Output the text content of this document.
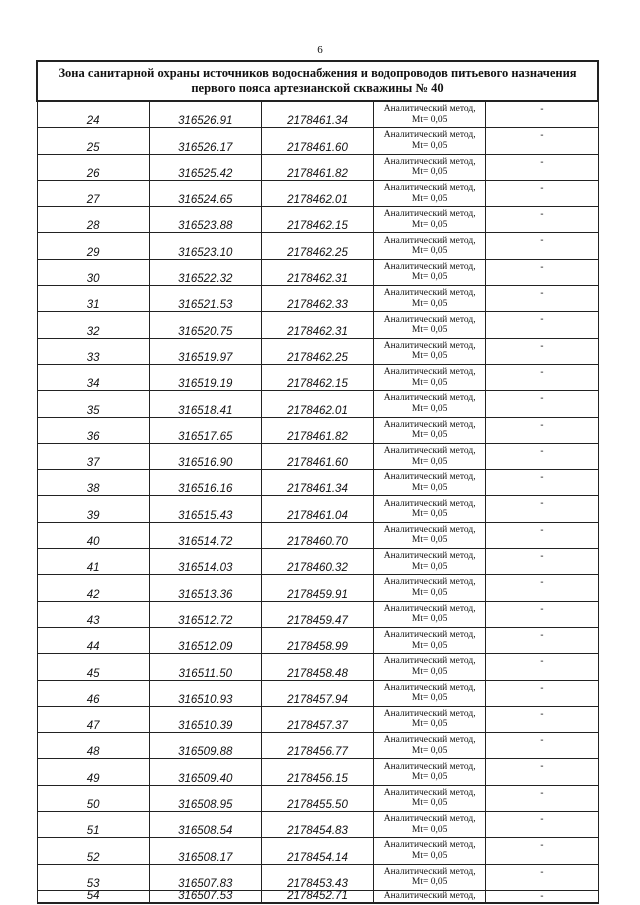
6
Зона санитарной охраны источников водоснабжения и водопроводов питьевого назначения первого пояса артезианской скважины № 40				
24	316526.91	2178461.34	Аналитический метод,
Mt= 0,05	-
25	316526.17	2178461.60	Аналитический метод,
Mt= 0,05	-
26	316525.42	2178461.82	Аналитический метод,
Mt= 0,05	-
27	316524.65	2178462.01	Аналитический метод,
Mt= 0,05	-
28	316523.88	2178462.15	Аналитический метод,
Mt= 0,05	-
29	316523.10	2178462.25	Аналитический метод,
Mt= 0,05	-
30	316522.32	2178462.31	Аналитический метод,
Mt= 0,05	-
31	316521.53	2178462.33	Аналитический метод,
Mt= 0,05	-
32	316520.75	2178462.31	Аналитический метод,
Mt= 0,05	-
33	316519.97	2178462.25	Аналитический метод,
Mt= 0,05	-
34	316519.19	2178462.15	Аналитический метод,
Mt= 0,05	-
35	316518.41	2178462.01	Аналитический метод,
Mt= 0,05	-
36	316517.65	2178461.82	Аналитический метод,
Mt= 0,05	-
37	316516.90	2178461.60	Аналитический метод,
Mt= 0,05	-
38	316516.16	2178461.34	Аналитический метод,
Mt= 0,05	-
39	316515.43	2178461.04	Аналитический метод,
Mt= 0,05	-
40	316514.72	2178460.70	Аналитический метод,
Mt= 0,05	-
41	316514.03	2178460.32	Аналитический метод,
Mt= 0,05	-
42	316513.36	2178459.91	Аналитический метод,
Mt= 0,05	-
43	316512.72	2178459.47	Аналитический метод,
Mt= 0,05	-
44	316512.09	2178458.99	Аналитический метод,
Mt= 0,05	-
45	316511.50	2178458.48	Аналитический метод,
Mt= 0,05	-
46	316510.93	2178457.94	Аналитический метод,
Mt= 0,05	-
47	316510.39	2178457.37	Аналитический метод,
Mt= 0,05	-
48	316509.88	2178456.77	Аналитический метод,
Mt= 0,05	-
49	316509.40	2178456.15	Аналитический метод,
Mt= 0,05	-
50	316508.95	2178455.50	Аналитический метод,
Mt= 0,05	-
51	316508.54	2178454.83	Аналитический метод,
Mt= 0,05	-
52	316508.17	2178454.14	Аналитический метод,
Mt= 0,05	-
53	316507.83	2178453.43	Аналитический метод,
Mt= 0,05	-
54	316507.53	2178452.71	Аналитический метод,	-
